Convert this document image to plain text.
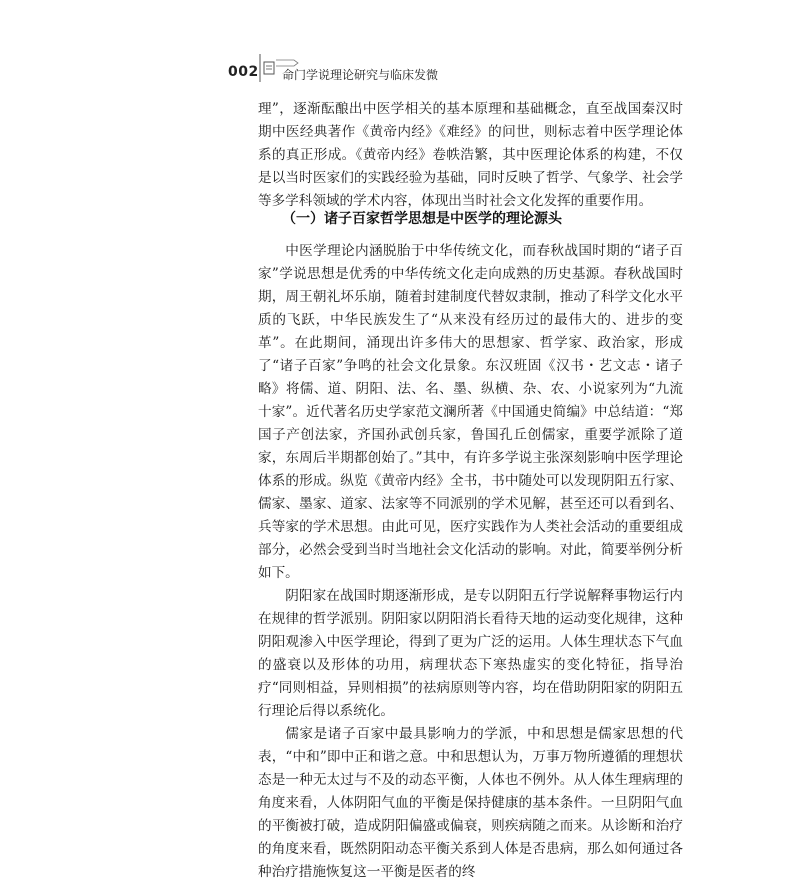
002 命门学说理论研究与临床发微

理”，逐渐酝酿出中医学相关的基本原理和基础概念，直至战国秦汉时期中医经典著作《黄帝内经》《难经》的问世，则标志着中医学理论体系的真正形成。《黄帝内经》卷帙浩繁，其中医理论体系的构建，不仅是以当时医家们的实践经验为基础，同时反映了哲学、气象学、社会学等多学科领域的学术内容，体现出当时社会文化发挥的重要作用。

（一）诸子百家哲学思想是中医学的理论源头

中医学理论内涵脱胎于中华传统文化，而春秋战国时期的“诸子百家”学说思想是优秀的中华传统文化走向成熟的历史基源。春秋战国时期，周王朝礼坏乐崩，随着封建制度代替奴隶制，推动了科学文化水平质的飞跃，中华民族发生了“从来没有经历过的最伟大的、进步的变革”。在此期间，涌现出许多伟大的思想家、哲学家、政治家，形成了“诸子百家”争鸣的社会文化景象。东汉班固《汉书・艺文志・诸子略》将儒、道、阴阳、法、名、墨、纵横、杂、农、小说家列为“九流十家”。近代著名历史学家范文澜所著《中国通史简编》中总结道：“郑国子产创法家，齐国孙武创兵家，鲁国孔丘创儒家，重要学派除了道家，东周后半期都创始了。”其中，有许多学说主张深刻影响中医学理论体系的形成。纵览《黄帝内经》全书，书中随处可以发现阴阳五行家、儒家、墨家、道家、法家等不同派别的学术见解，甚至还可以看到名、兵等家的学术思想。由此可见，医疗实践作为人类社会活动的重要组成部分，必然会受到当时当地社会文化活动的影响。对此，简要举例分析如下。

阴阳家在战国时期逐渐形成，是专以阴阳五行学说解释事物运行内在规律的哲学派别。阴阳家以阴阳消长看待天地的运动变化规律，这种阴阳观渗入中医学理论，得到了更为广泛的运用。人体生理状态下气血的盛衰以及形体的功用，病理状态下寒热虚实的变化特征，指导治疗“同则相益，异则相损”的祛病原则等内容，均在借助阴阳家的阴阳五行理论后得以系统化。

儒家是诸子百家中最具影响力的学派，中和思想是儒家思想的代表，“中和”即中正和谐之意。中和思想认为，万事万物所遵循的理想状态是一种无太过与不及的动态平衡，人体也不例外。从人体生理病理的角度来看，人体阴阳气血的平衡是保持健康的基本条件。一旦阴阳气血的平衡被打破，造成阴阳偏盛或偏衰，则疾病随之而来。从诊断和治疗的角度来看，既然阴阳动态平衡关系到人体是否患病，那么如何通过各种治疗措施恢复这一平衡是医者的终
